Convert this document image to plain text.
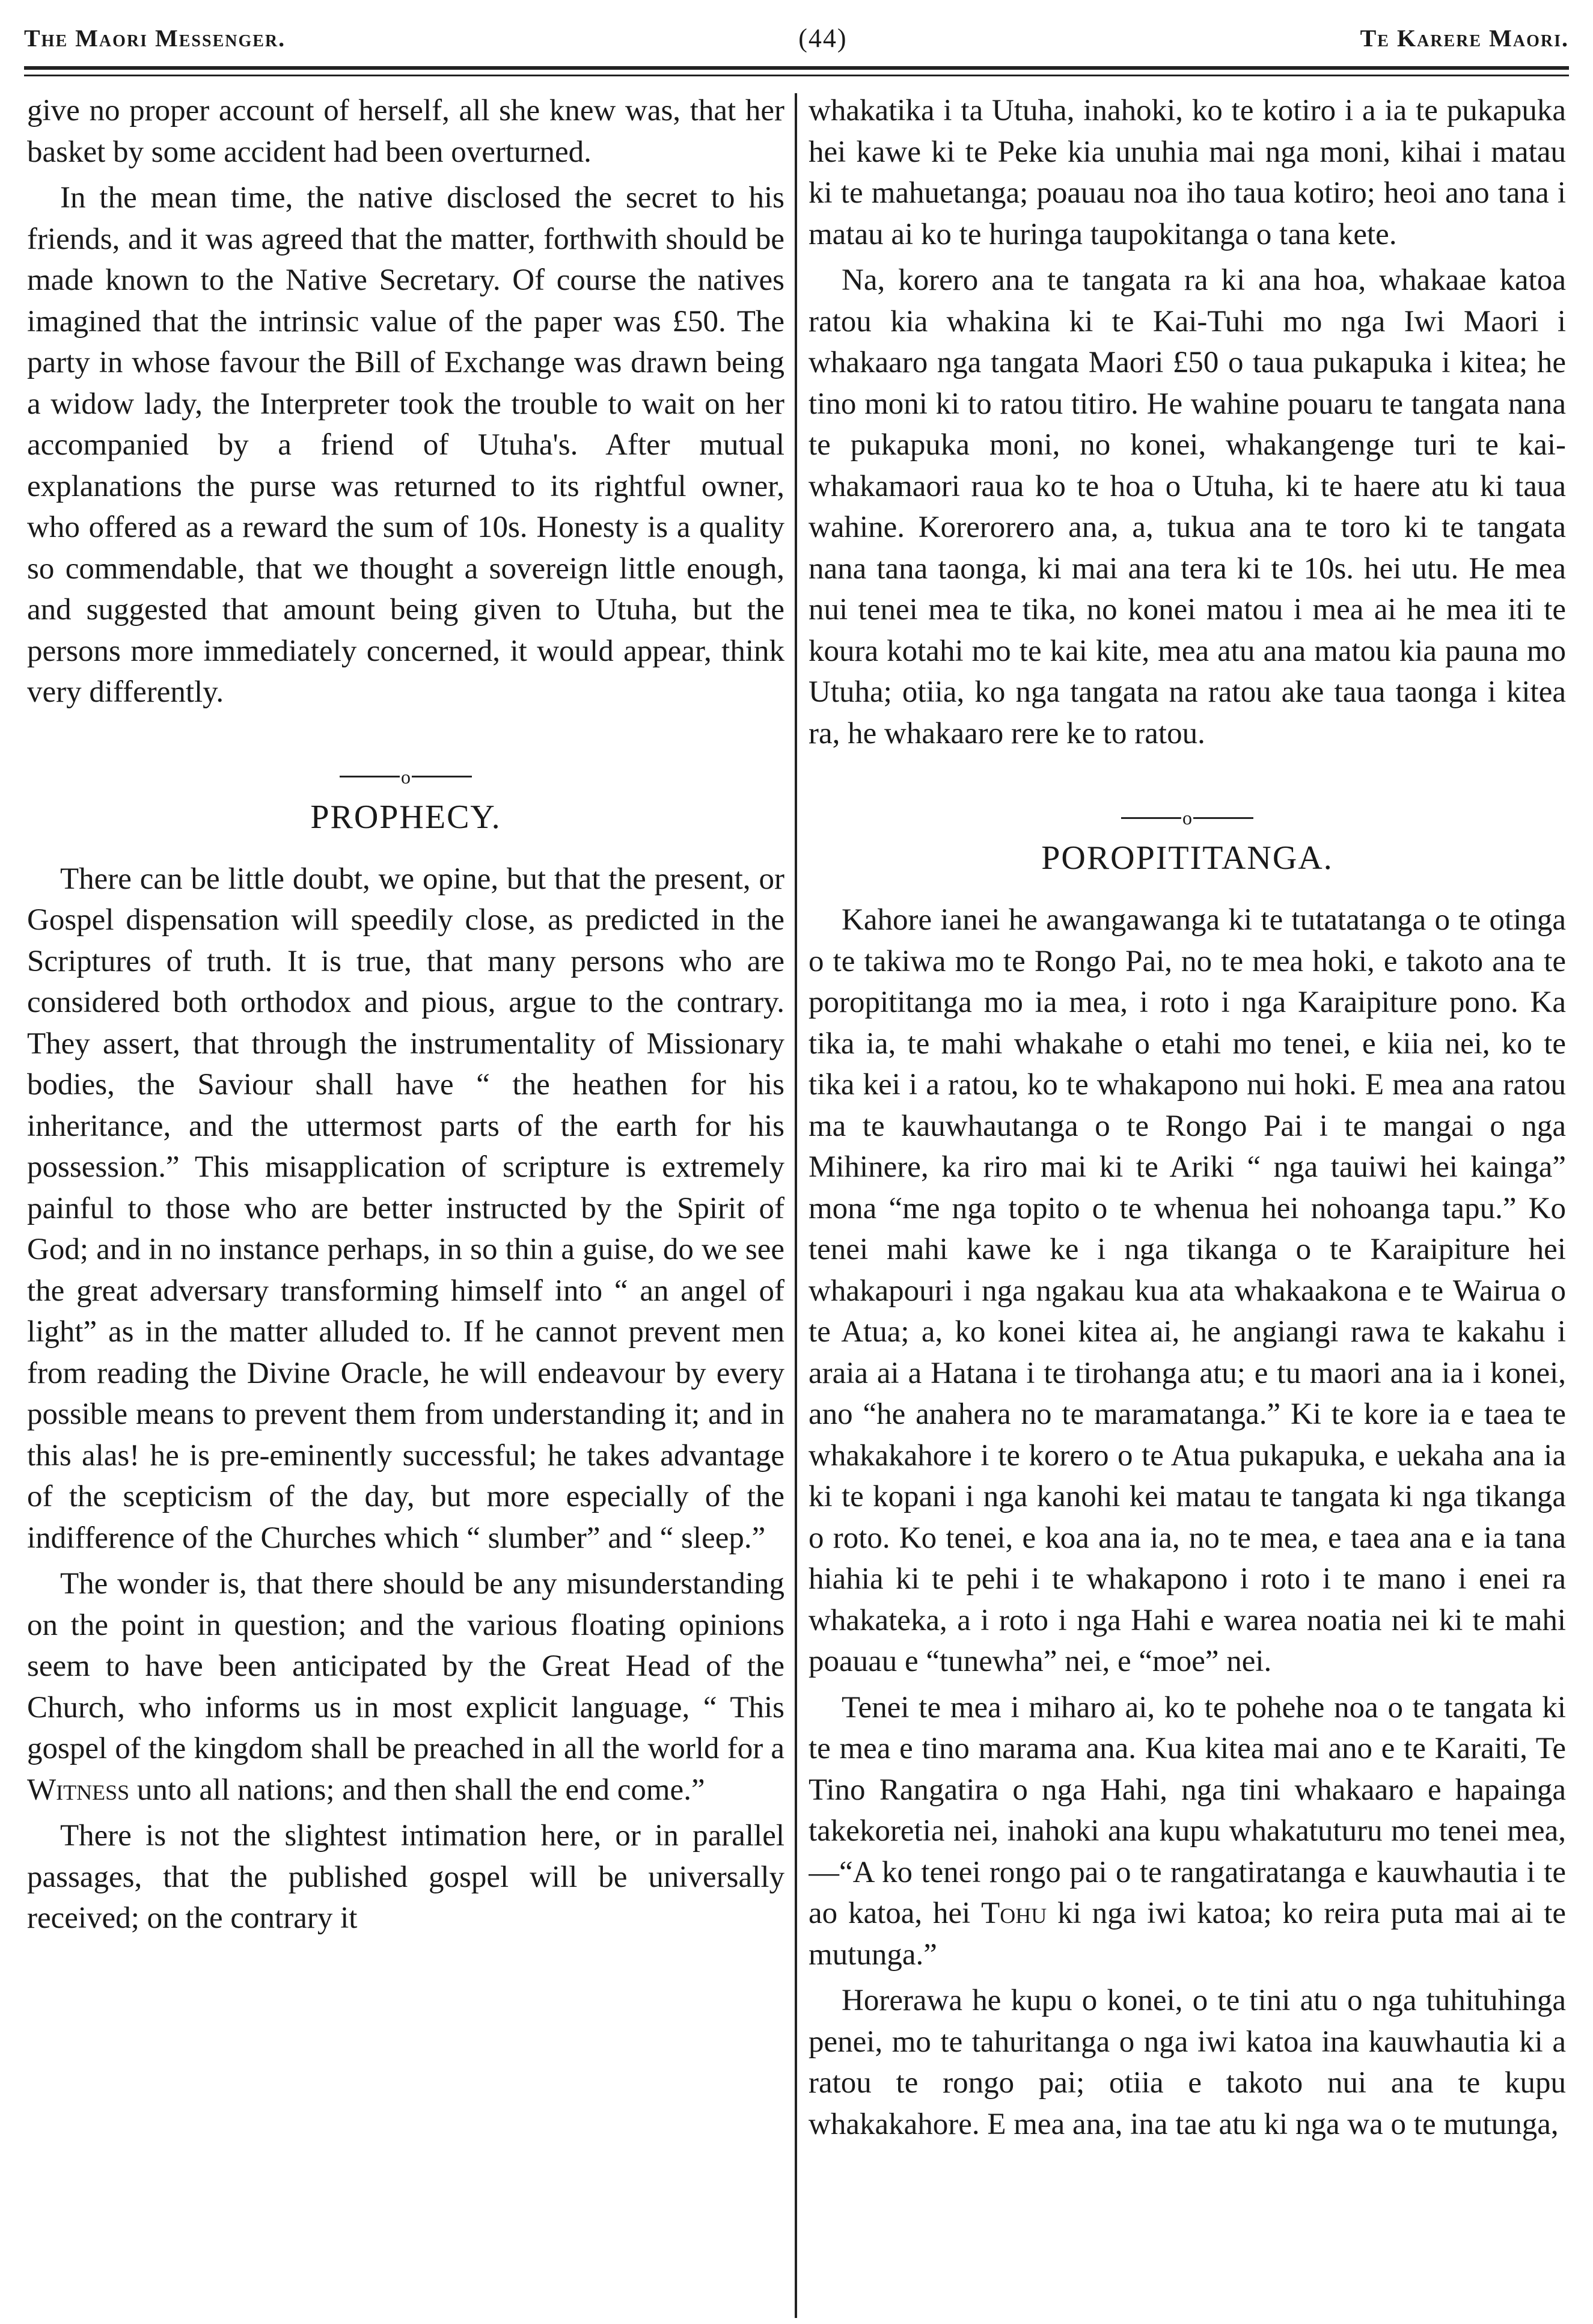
The Maori Messenger.	(44)	Te Karere Maori.

give no proper account of herself, all she knew was, that her basket by some accident had been overturned.

In the mean time, the native disclosed the secret to his friends, and it was agreed that the matter, forthwith should be made known to the Native Secretary. Of course the natives imagined that the intrinsic value of the paper was £50. The party in whose favour the Bill of Exchange was drawn being a widow lady, the Interpreter took the trouble to wait on her accompanied by a friend of Utuha's. After mutual explanations the purse was returned to its rightful owner, who offered as a reward the sum of 10s. Honesty is a quality so commendable, that we thought a sovereign little enough, and suggested that amount being given to Utuha, but the persons more immediately concerned, it would appear, think very differently.

o
PROPHECY.

There can be little doubt, we opine, but that the present, or Gospel dispensation will speedily close, as predicted in the Scriptures of truth. It is true, that many persons who are considered both orthodox and pious, argue to the contrary. They assert, that through the instrumentality of Missionary bodies, the Saviour shall have “ the heathen for his inheritance, and the uttermost parts of the earth for his possession.” This misapplication of scripture is extremely painful to those who are better instructed by the Spirit of God; and in no instance perhaps, in so thin a guise, do we see the great adversary transforming himself into “ an angel of light” as in the matter alluded to. If he cannot prevent men from reading the Divine Oracle, he will endeavour by every possible means to prevent them from understanding it; and in this alas! he is pre-eminently successful; he takes advantage of the scepticism of the day, but more especially of the indifference of the Churches which “ slumber” and “ sleep.”

The wonder is, that there should be any misunderstanding on the point in question; and the various floating opinions seem to have been anticipated by the Great Head of the Church, who informs us in most explicit language, “ This gospel of the kingdom shall be preached in all the world for a Witness unto all nations; and then shall the end come.”

There is not the slightest intimation here, or in parallel passages, that the published gospel will be universally received; on the contrary it

whakatika i ta Utuha, inahoki, ko te kotiro i a ia te pukapuka hei kawe ki te Peke kia unuhia mai nga moni, kihai i matau ki te mahuetanga; poauau noa iho taua kotiro; heoi ano tana i matau ai ko te huringa taupokitanga o tana kete.

Na, korero ana te tangata ra ki ana hoa, whakaae katoa ratou kia whakina ki te Kai-Tuhi mo nga Iwi Maori i whakaaro nga tangata Maori £50 o taua pukapuka i kitea; he tino moni ki to ratou titiro. He wahine pouaru te tangata nana te pukapuka moni, no konei, whakangenge turi te kai-whakamaori raua ko te hoa o Utuha, ki te haere atu ki taua wahine. Korerorero ana, a, tukua ana te toro ki te tangata nana tana taonga, ki mai ana tera ki te 10s. hei utu. He mea nui tenei mea te tika, no konei matou i mea ai he mea iti te koura kotahi mo te kai kite, mea atu ana matou kia pauna mo Utuha; otiia, ko nga tangata na ratou ake taua taonga i kitea ra, he whakaaro rere ke to ratou.

o
POROPITITANGA.

Kahore ianei he awangawanga ki te tutatatanga o te otinga o te takiwa mo te Rongo Pai, no te mea hoki, e takoto ana te poropititanga mo ia mea, i roto i nga Karaipiture pono. Ka tika ia, te mahi whakahe o etahi mo tenei, e kiia nei, ko te tika kei i a ratou, ko te whakapono nui hoki. E mea ana ratou ma te kauwhautanga o te Rongo Pai i te mangai o nga Mihinere, ka riro mai ki te Ariki “ nga tauiwi hei kainga” mona “me nga topito o te whenua hei nohoanga tapu.” Ko tenei mahi kawe ke i nga tikanga o te Karaipiture hei whakapouri i nga ngakau kua ata whakaakona e te Wairua o te Atua; a, ko konei kitea ai, he angiangi rawa te kakahu i araia ai a Hatana i te tirohanga atu; e tu maori ana ia i konei, ano “he anahera no te maramatanga.” Ki te kore ia e taea te whakakahore i te korero o te Atua pukapuka, e uekaha ana ia ki te kopani i nga kanohi kei matau te tangata ki nga tikanga o roto. Ko tenei, e koa ana ia, no te mea, e taea ana e ia tana hiahia ki te pehi i te whakapono i roto i te mano i enei ra whakateka, a i roto i nga Hahi e warea noatia nei ki te mahi poauau e “tunewha” nei, e “moe” nei.

Tenei te mea i miharo ai, ko te pohehe noa o te tangata ki te mea e tino marama ana. Kua kitea mai ano e te Karaiti, Te Tino Rangatira o nga Hahi, nga tini whakaaro e hapainga takekoretia nei, inahoki ana kupu whakatuturu mo tenei mea, —“A ko tenei rongo pai o te rangatiratanga e kauwhautia i te ao katoa, hei Tohu ki nga iwi katoa; ko reira puta mai ai te mutunga.”

Horerawa he kupu o konei, o te tini atu o nga tuhituhinga penei, mo te tahuritanga o nga iwi katoa ina kauwhautia ki a ratou te rongo pai; otiia e takoto nui ana te kupu whakakahore. E mea ana, ina tae atu ki nga wa o te mutunga,
